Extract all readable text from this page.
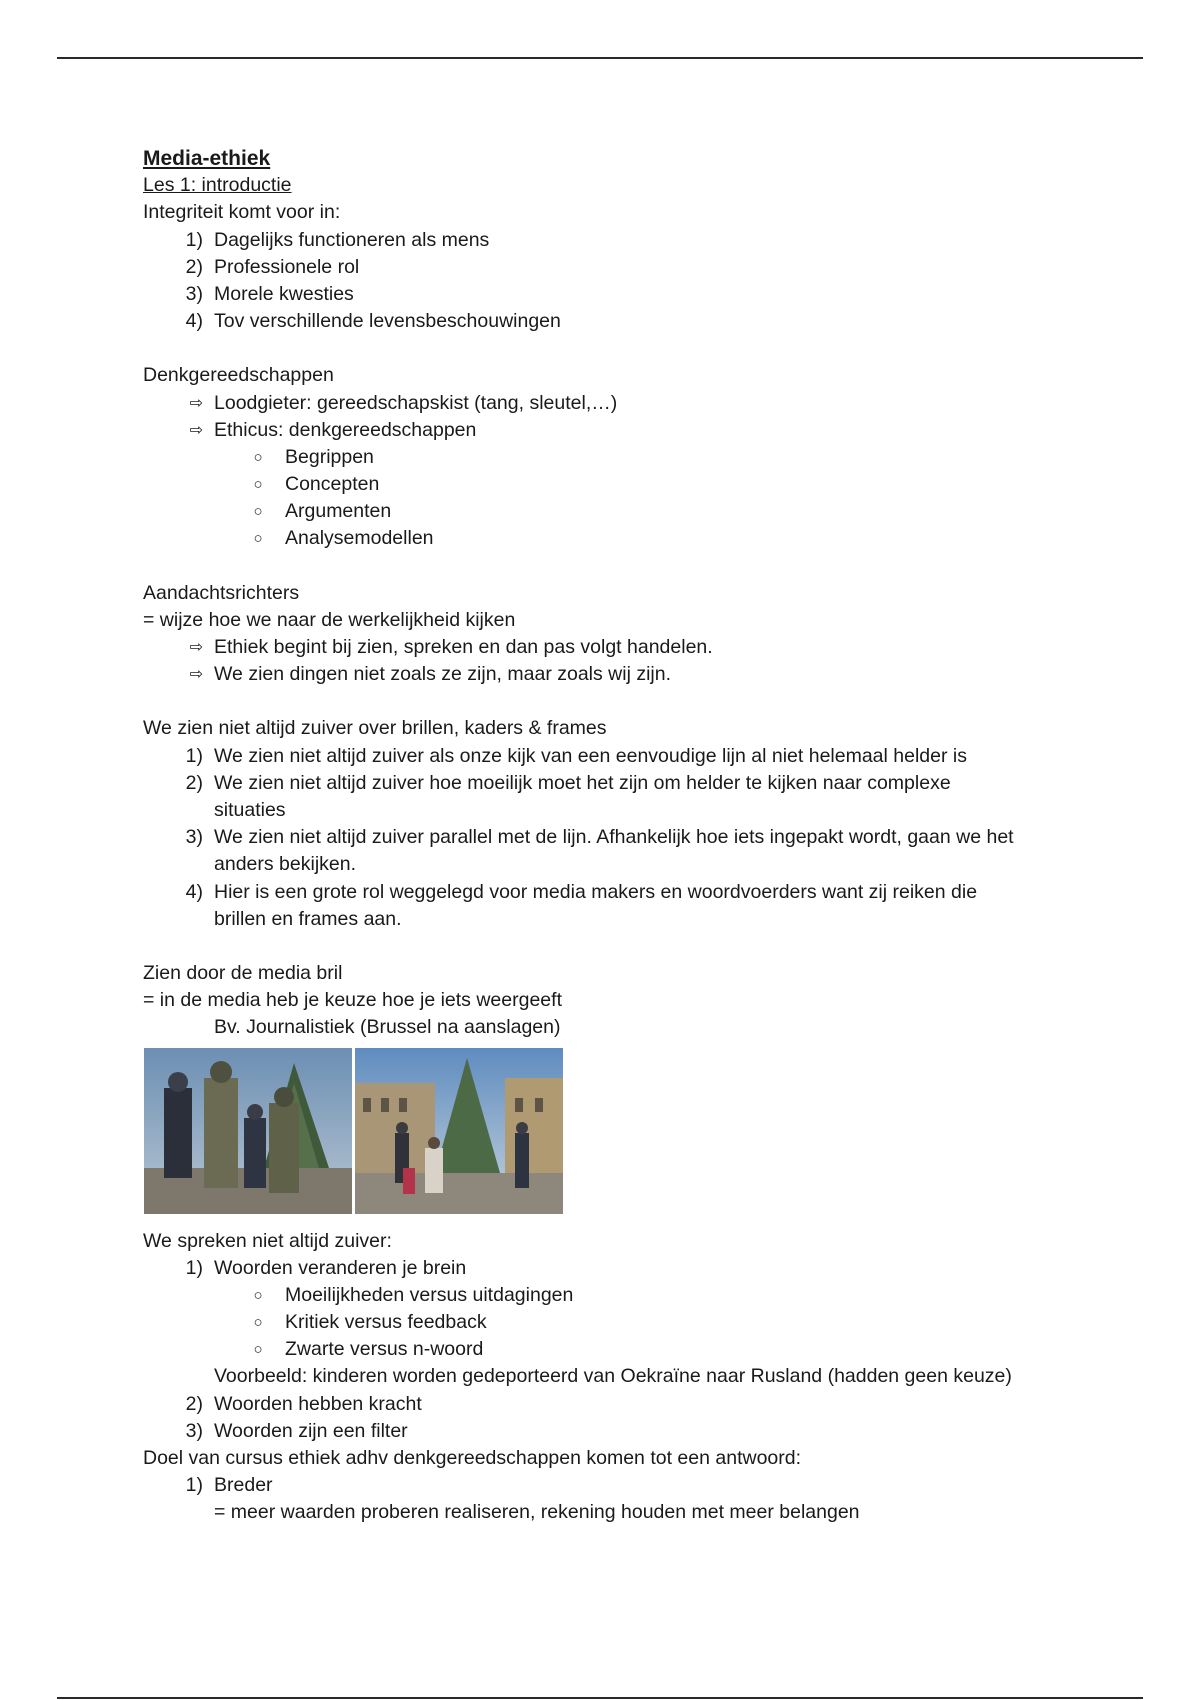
Media-ethiek
Les 1: introductie
Integriteit komt voor in:
1) Dagelijks functioneren als mens
2) Professionele rol
3) Morele kwesties
4) Tov verschillende levensbeschouwingen
Denkgereedschappen
⇨ Loodgieter: gereedschapskist (tang, sleutel,…)
⇨ Ethicus: denkgereedschappen
○	Begrippen
○	Concepten
○	Argumenten
○	Analysemodellen
Aandachtsrichters
= wijze hoe we naar de werkelijkheid kijken
⇨ Ethiek begint bij zien, spreken en dan pas volgt handelen.
⇨ We zien dingen niet zoals ze zijn, maar zoals wij zijn.
We zien niet altijd zuiver over brillen, kaders & frames
1) We zien niet altijd zuiver als onze kijk van een eenvoudige lijn al niet helemaal helder is
2) We zien niet altijd zuiver hoe moeilijk moet het zijn om helder te kijken naar complexe situaties
3) We zien niet altijd zuiver parallel met de lijn. Afhankelijk hoe iets ingepakt wordt, gaan we het anders bekijken.
4) Hier is een grote rol weggelegd voor media makers en woordvoerders want zij reiken die brillen en frames aan.
Zien door de media bril
= in de media heb je keuze hoe je iets weergeeft
Bv. Journalistiek (Brussel na aanslagen)
We spreken niet altijd zuiver:
1) Woorden veranderen je brein
○	Moeilijkheden versus uitdagingen
○	Kritiek versus feedback
○	Zwarte versus n-woord
Voorbeeld: kinderen worden gedeporteerd van Oekraïne naar Rusland (hadden geen keuze)
2) Woorden hebben kracht
3) Woorden zijn een filter
Doel van cursus ethiek adhv denkgereedschappen komen tot een antwoord:
1) Breder
= meer waarden proberen realiseren, rekening houden met meer belangen
